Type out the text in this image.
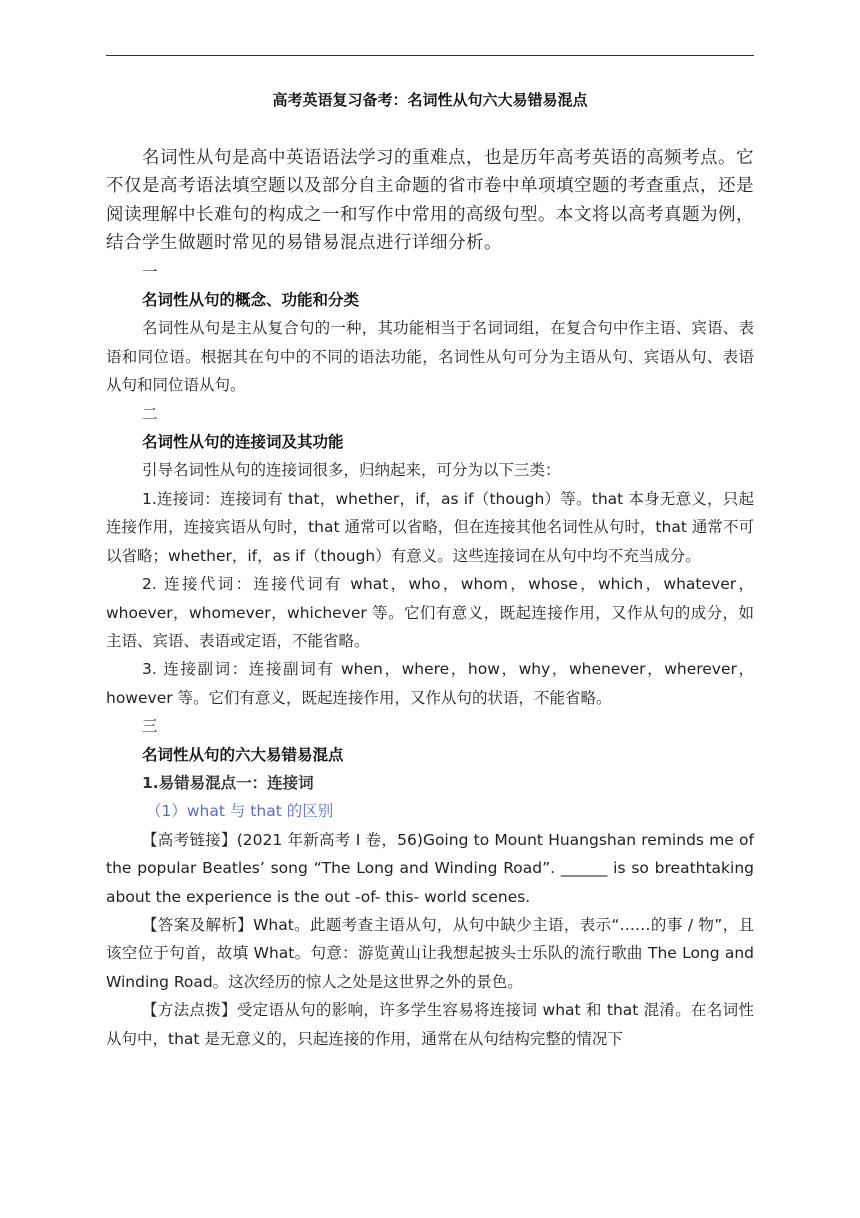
高考英语复习备考：名词性从句六大易错易混点

名词性从句是高中英语语法学习的重难点，也是历年高考英语的高频考点。它不仅是高考语法填空题以及部分自主命题的省市卷中单项填空题的考查重点，还是阅读理解中长难句的构成之一和写作中常用的高级句型。本文将以高考真题为例，结合学生做题时常见的易错易混点进行详细分析。

一

名词性从句的概念、功能和分类

名词性从句是主从复合句的一种，其功能相当于名词词组，在复合句中作主语、宾语、表语和同位语。根据其在句中的不同的语法功能，名词性从句可分为主语从句、宾语从句、表语从句和同位语从句。

二

名词性从句的连接词及其功能

引导名词性从句的连接词很多，归纳起来，可分为以下三类：

1.连接词：连接词有 that，whether，if，as if（though）等。that 本身无意义，只起连接作用，连接宾语从句时，that 通常可以省略，但在连接其他名词性从句时，that 通常不可以省略；whether，if，as if（though）有意义。这些连接词在从句中均不充当成分。

2. 连接代词：连接代词有 what，who，whom，whose，which，whatever，whoever，whomever，whichever 等。它们有意义，既起连接作用，又作从句的成分，如主语、宾语、表语或定语，不能省略。

3. 连接副词：连接副词有 when，where，how，why，whenever，wherever，however 等。它们有意义，既起连接作用，又作从句的状语，不能省略。

三

名词性从句的六大易错易混点

1.易错易混点一：连接词

（1）what 与 that 的区别

【高考链接】(2021 年新高考 I 卷，56)Going to Mount Huangshan reminds me of the popular Beatles’ song “The Long and Winding Road”. ______ is so breathtaking about the experience is the out -of- this- world scenes.

【答案及解析】What。此题考查主语从句，从句中缺少主语，表示“……的事 / 物”，且该空位于句首，故填 What。句意：游览黄山让我想起披头士乐队的流行歌曲 The Long and Winding Road。这次经历的惊人之处是这世界之外的景色。

【方法点拨】受定语从句的影响，许多学生容易将连接词 what 和 that 混淆。在名词性从句中，that 是无意义的，只起连接的作用，通常在从句结构完整的情况下
